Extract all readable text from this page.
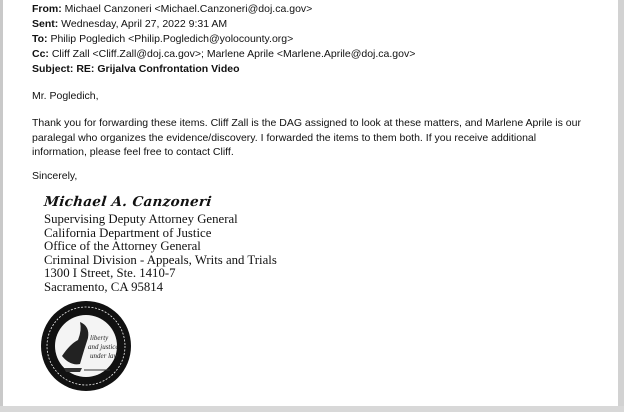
From: Michael Canzoneri <Michael.Canzoneri@doj.ca.gov>
Sent: Wednesday, April 27, 2022 9:31 AM
To: Philip Pogledich <Philip.Pogledich@yolocounty.org>
Cc: Cliff Zall <Cliff.Zall@doj.ca.gov>; Marlene Aprile <Marlene.Aprile@doj.ca.gov>
Subject: RE: Grijalva Confrontation Video
Mr. Pogledich,
Thank you for forwarding these items. Cliff Zall is the DAG assigned to look at these matters, and Marlene Aprile is our
paralegal who organizes the evidence/discovery. I forwarded the items to them both. If you receive additional
information, please feel free to contact Cliff.
Sincerely,
Michael A. Canzoneri
Supervising Deputy Attorney General
California Department of Justice
Office of the Attorney General
Criminal Division - Appeals, Writs and Trials
1300 I Street, Ste. 1410-7
Sacramento, CA 95814
liberty
and justice
under law
